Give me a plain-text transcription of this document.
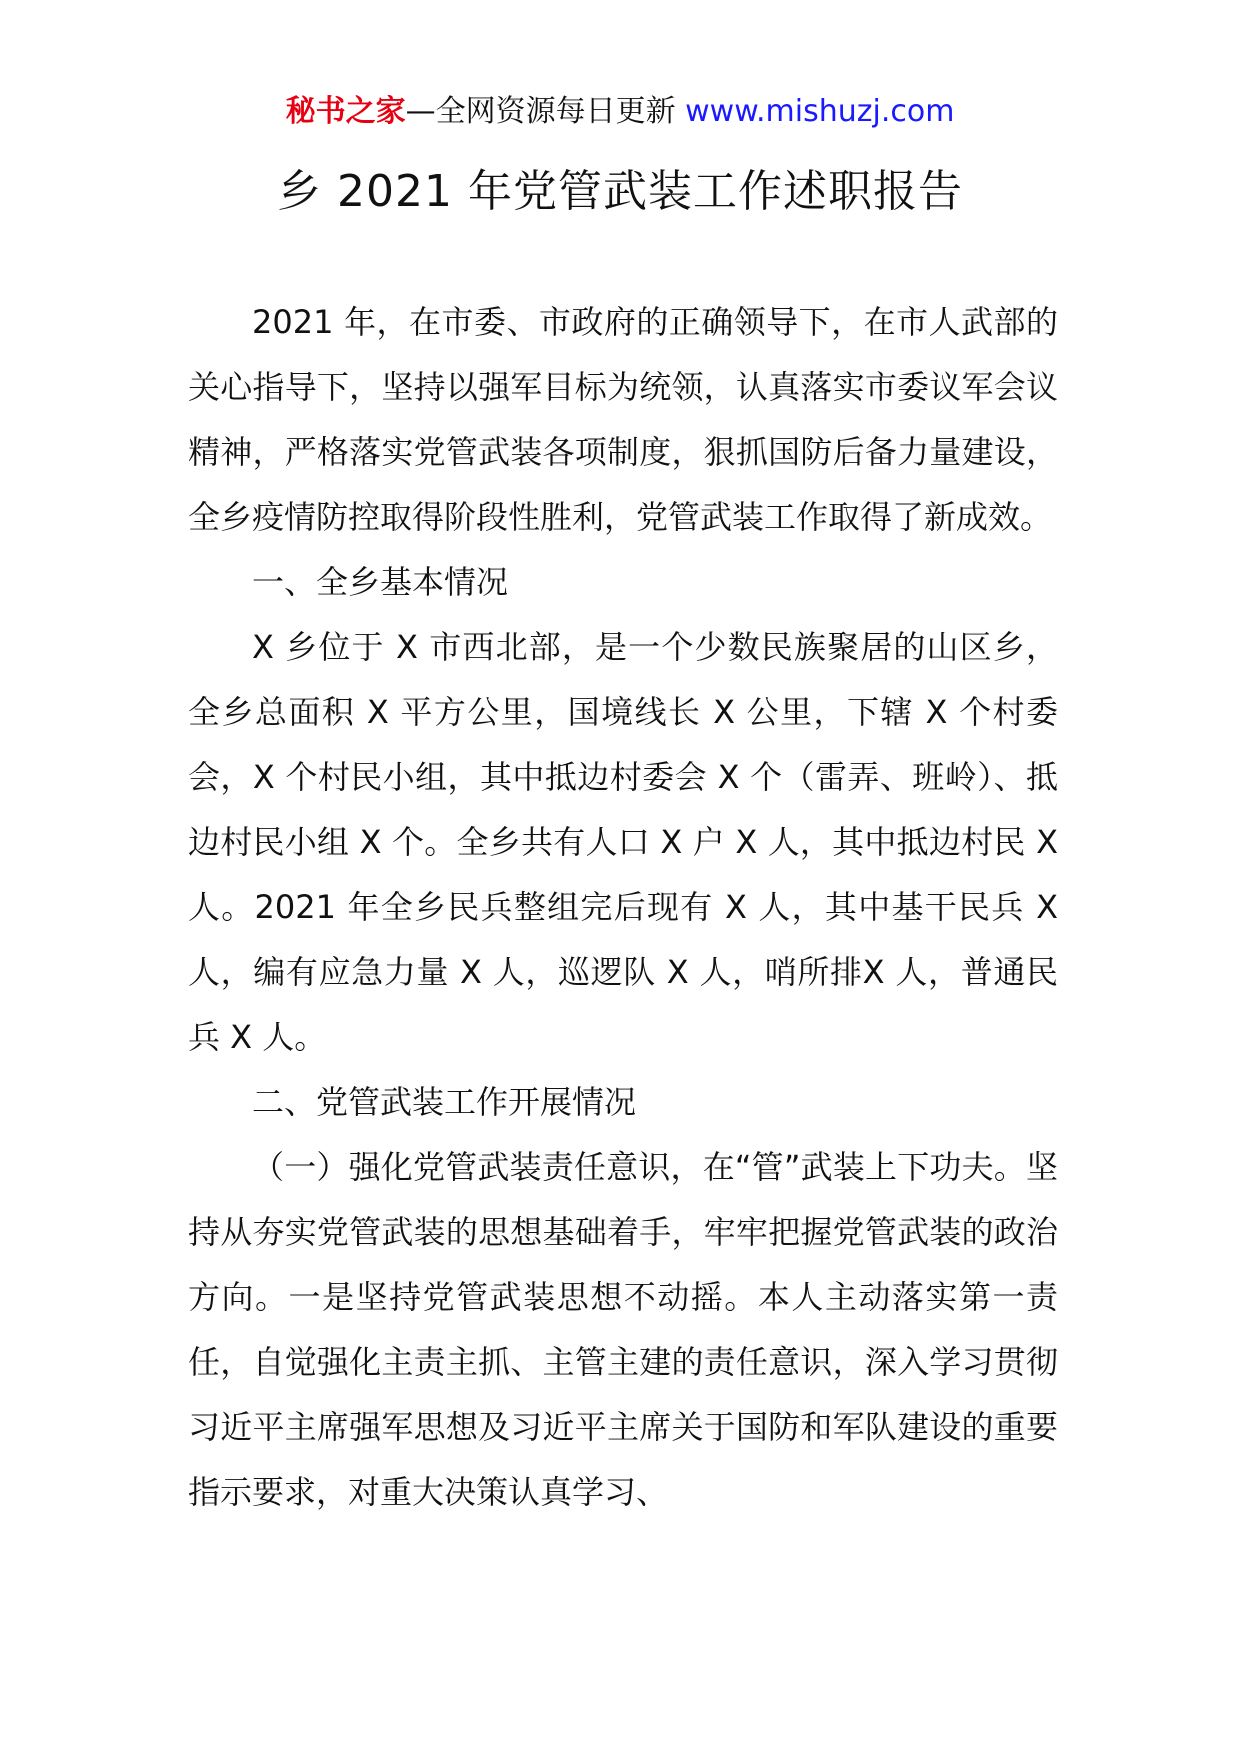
秘书之家—全网资源每日更新 www.mishuzj.com
乡 2021 年党管武装工作述职报告

2021 年，在市委、市政府的正确领导下，在市人武部的关心指导下，坚持以强军目标为统领，认真落实市委议军会议精神，严格落实党管武装各项制度，狠抓国防后备力量建设，全乡疫情防控取得阶段性胜利，党管武装工作取得了新成效。

一、全乡基本情况

X 乡位于 X 市西北部，是一个少数民族聚居的山区乡，全乡总面积 X 平方公里，国境线长 X 公里，下辖 X 个村委会，X 个村民小组，其中抵边村委会 X 个（雷弄、班岭）、抵边村民小组 X 个。全乡共有人口 X 户 X 人，其中抵边村民 X 人。2021 年全乡民兵整组完后现有 X 人，其中基干民兵 X 人，编有应急力量 X 人，巡逻队 X 人，哨所排X 人，普通民兵 X 人。

二、党管武装工作开展情况

（一）强化党管武装责任意识，在“管”武装上下功夫。坚持从夯实党管武装的思想基础着手，牢牢把握党管武装的政治方向。一是坚持党管武装思想不动摇。本人主动落实第一责任，自觉强化主责主抓、主管主建的责任意识，深入学习贯彻习近平主席强军思想及习近平主席关于国防和军队建设的重要指示要求，对重大决策认真学习、
